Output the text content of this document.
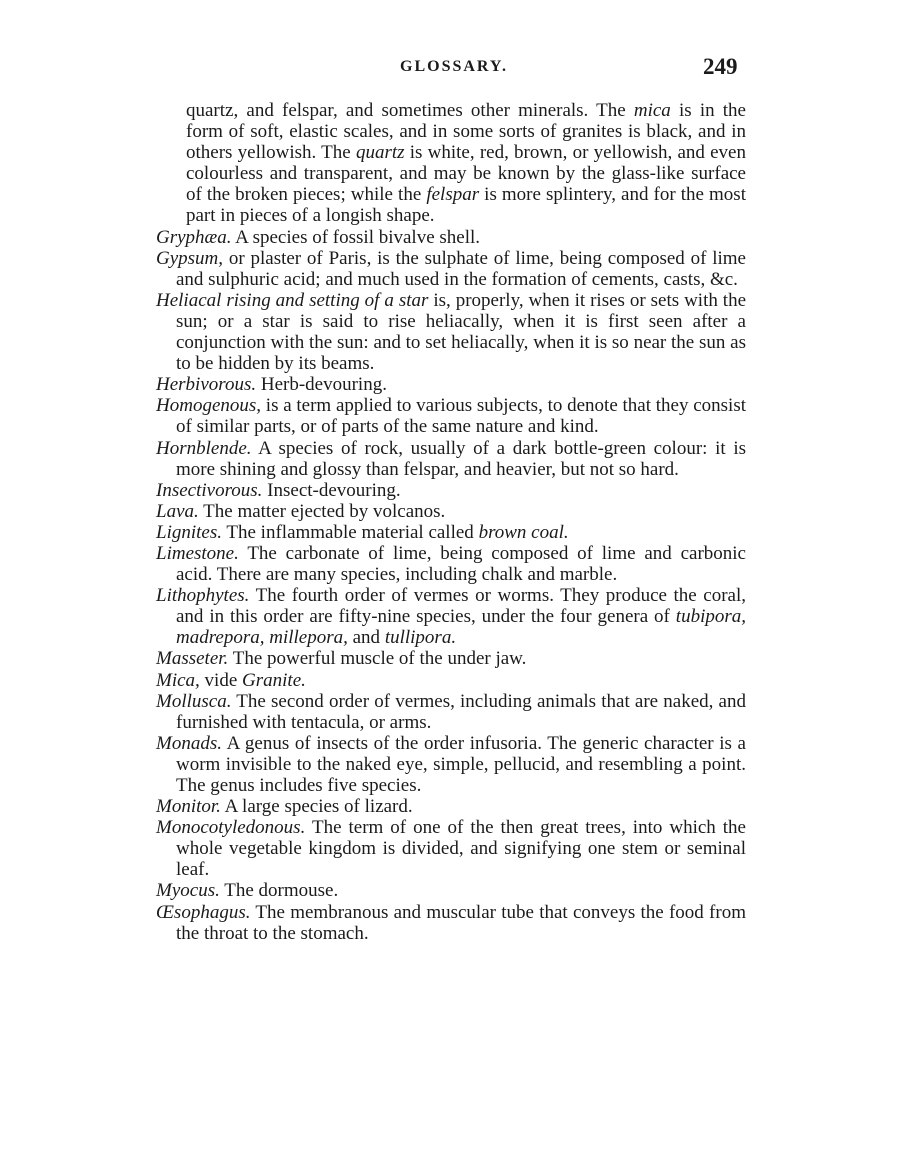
GLOSSARY.	249

quartz, and felspar, and sometimes other minerals. The mica is in the form of soft, elastic scales, and in some sorts of granites is black, and in others yellowish. The quartz is white, red, brown, or yellowish, and even colourless and transparent, and may be known by the glass-like surface of the broken pieces; while the felspar is more splintery, and for the most part in pieces of a longish shape.

Gryphæa. A species of fossil bivalve shell.

Gypsum, or plaster of Paris, is the sulphate of lime, being composed of lime and sulphuric acid; and much used in the formation of cements, casts, &c.

Heliacal rising and setting of a star is, properly, when it rises or sets with the sun; or a star is said to rise heliacally, when it is first seen after a conjunction with the sun: and to set heliacally, when it is so near the sun as to be hidden by its beams.

Herbivorous. Herb-devouring.

Homogenous, is a term applied to various subjects, to denote that they consist of similar parts, or of parts of the same nature and kind.

Hornblende. A species of rock, usually of a dark bottle-green colour: it is more shining and glossy than felspar, and heavier, but not so hard.

Insectivorous. Insect-devouring.

Lava. The matter ejected by volcanos.

Lignites. The inflammable material called brown coal.

Limestone. The carbonate of lime, being composed of lime and carbonic acid. There are many species, including chalk and marble.

Lithophytes. The fourth order of vermes or worms. They produce the coral, and in this order are fifty-nine species, under the four genera of tubipora, madrepora, millepora, and tullipora.

Masseter. The powerful muscle of the under jaw.

Mica, vide Granite.

Mollusca. The second order of vermes, including animals that are naked, and furnished with tentacula, or arms.

Monads. A genus of insects of the order infusoria. The generic character is a worm invisible to the naked eye, simple, pellucid, and resembling a point. The genus includes five species.

Monitor. A large species of lizard.

Monocotyledonous. The term of one of the then great trees, into which the whole vegetable kingdom is divided, and signifying one stem or seminal leaf.

Myocus. The dormouse.

Œsophagus. The membranous and muscular tube that conveys the food from the throat to the stomach.
